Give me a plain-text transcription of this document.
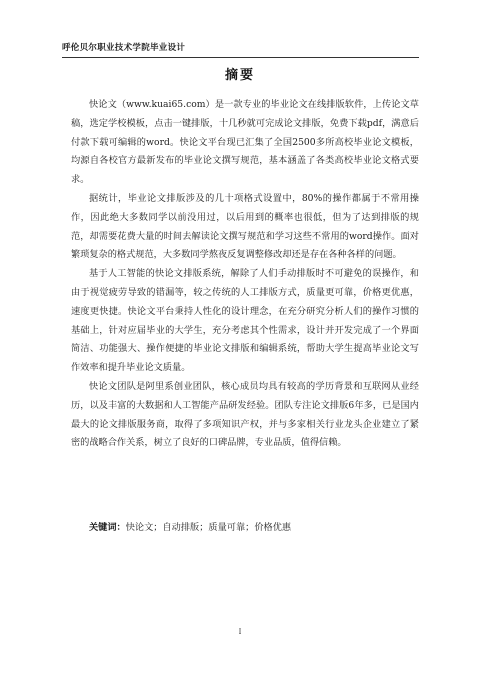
呼伦贝尔职业技术学院毕业设计
摘要

快论文（www.kuai65.com）是一款专业的毕业论文在线排版软件，上传论文草稿，选定学校模板，点击一键排版，十几秒就可完成论文排版，免费下载pdf，满意后付款下载可编辑的word。快论文平台现已汇集了全国2500多所高校毕业论文模板，均源自各校官方最新发布的毕业论文撰写规范，基本涵盖了各类高校毕业论文格式要求。

据统计，毕业论文排版涉及的几十项格式设置中，80%的操作都属于不常用操作，因此绝大多数同学以前没用过，以后用到的概率也很低，但为了达到排版的规范，却需要花费大量的时间去解读论文撰写规范和学习这些不常用的word操作。面对繁琐复杂的格式规范，大多数同学熬夜反复调整修改却还是存在各种各样的问题。

基于人工智能的快论文排版系统，解除了人们手动排版时不可避免的误操作，和由于视觉疲劳导致的错漏等，较之传统的人工排版方式，质量更可靠，价格更优惠，速度更快捷。快论文平台秉持人性化的设计理念，在充分研究分析人们的操作习惯的基础上，针对应届毕业的大学生，充分考虑其个性需求，设计并开发完成了一个界面简洁、功能强大、操作便捷的毕业论文排版和编辑系统，帮助大学生提高毕业论文写作效率和提升毕业论文质量。

快论文团队是阿里系创业团队，核心成员均具有较高的学历背景和互联网从业经历，以及丰富的大数据和人工智能产品研发经验。团队专注论文排版6年多，已是国内最大的论文排版服务商，取得了多项知识产权，并与多家相关行业龙头企业建立了紧密的战略合作关系，树立了良好的口碑品牌，专业品质，值得信赖。

关键词：快论文；自动排版；质量可靠；价格优惠
I
